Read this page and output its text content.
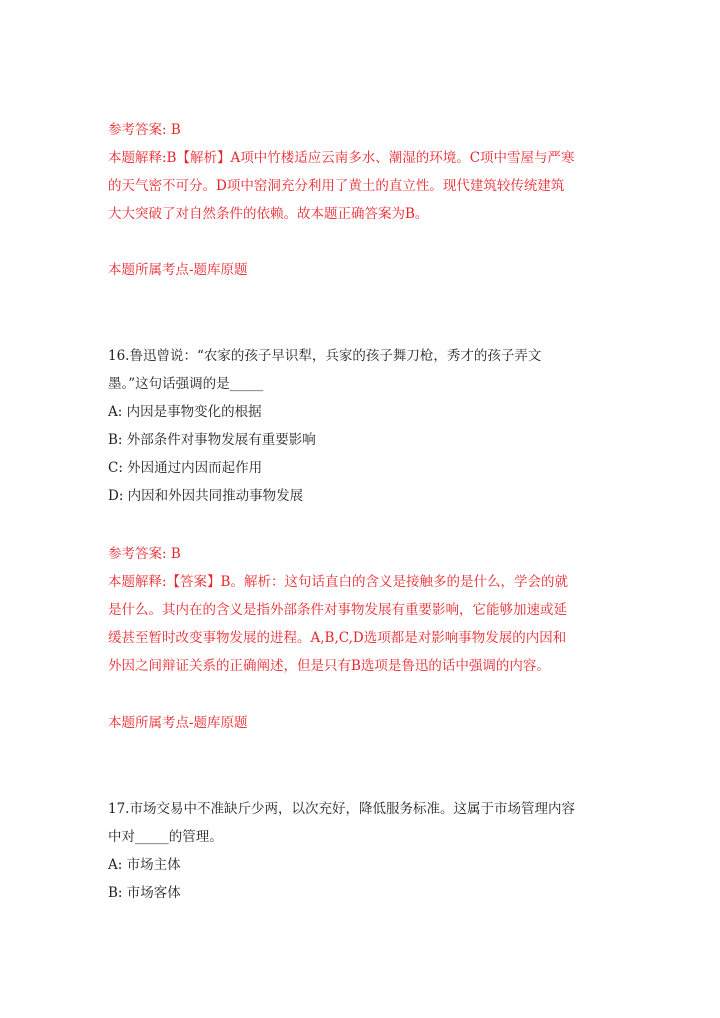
参考答案: B
本题解释:B【解析】A项中竹楼适应云南多水、潮湿的环境。C项中雪屋与严寒
的天气密不可分。D项中窑洞充分利用了黄土的直立性。现代建筑较传统建筑
大大突破了对自然条件的依赖。故本题正确答案为B。
本题所属考点-题库原题
16.鲁迅曾说：“农家的孩子早识犁，兵家的孩子舞刀枪，秀才的孩子弄文
墨。”这句话强调的是_____
A: 内因是事物变化的根据
B: 外部条件对事物发展有重要影响
C: 外因通过内因而起作用
D: 内因和外因共同推动事物发展
参考答案: B
本题解释:【答案】B。解析：这句话直白的含义是接触多的是什么，学会的就
是什么。其内在的含义是指外部条件对事物发展有重要影响，它能够加速或延
缓甚至暂时改变事物发展的进程。A,B,C,D选项都是对影响事物发展的内因和
外因之间辩证关系的正确阐述，但是只有B选项是鲁迅的话中强调的内容。
本题所属考点-题库原题
17.市场交易中不准缺斤少两，以次充好，降低服务标准。这属于市场管理内容
中对_____的管理。
A: 市场主体
B: 市场客体
